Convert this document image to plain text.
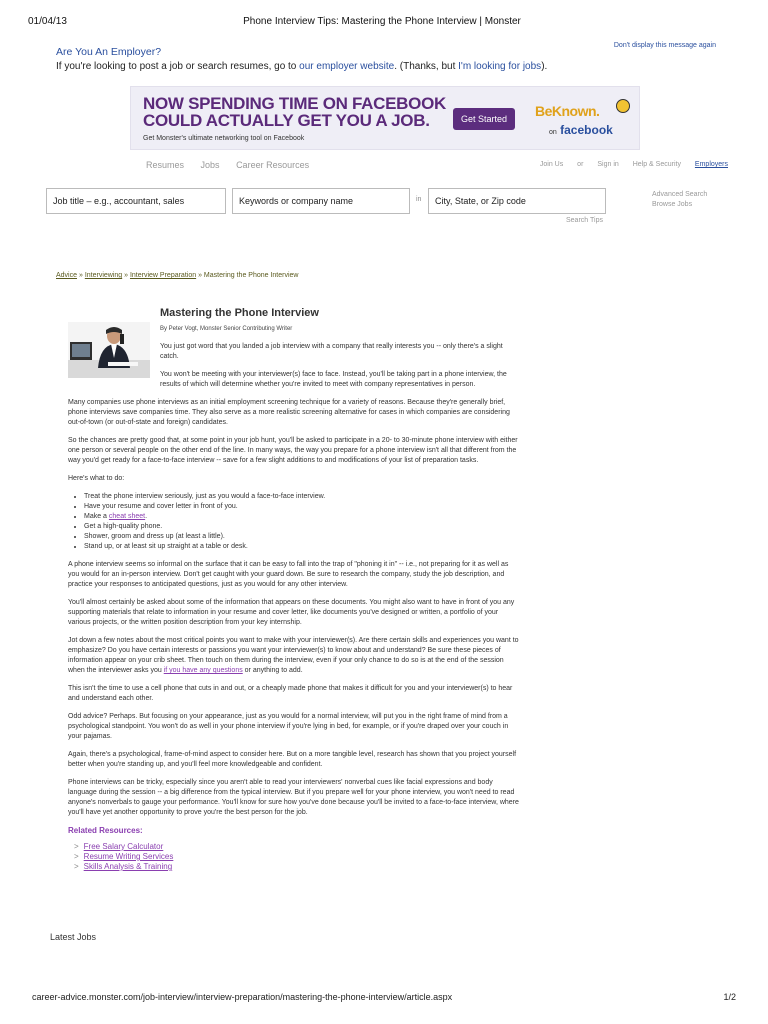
01/04/13	Phone Interview Tips: Mastering the Phone Interview | Monster
Are You An Employer?
If you're looking to post a job or search resumes, go to our employer website. (Thanks, but I'm looking for jobs).
Don't display this message again
NOW SPENDING TIME ON FACEBOOK
COULD ACTUALLY GET YOU A JOB.
Get Monster's ultimate networking tool on Facebook
Get Started	BeKnown.
on facebook
Resumes Jobs Career Resources	Join Us or Sign in Help & Security Employers
Job title – e.g., accountant, sales	Keywords or company name	in	City, State, or Zip code
Search Tips
Advanced Search
Browse Jobs
Advice » Interviewing » Interview Preparation » Mastering the Phone Interview
Mastering the Phone Interview
By Peter Vogt, Monster Senior Contributing Writer

You just got word that you landed a job interview with a company that really interests you -- only there's a slight catch.

You won't be meeting with your interviewer(s) face to face. Instead, you'll be taking part in a phone interview, the results of which will determine whether you're invited to meet with company representatives in person.

Many companies use phone interviews as an initial employment screening technique for a variety of reasons. Because they're generally brief, phone interviews save companies time. They also serve as a more realistic screening alternative for cases in which companies are considering out-of-town (or out-of-state and foreign) candidates.

So the chances are pretty good that, at some point in your job hunt, you'll be asked to participate in a 20- to 30-minute phone interview with either one person or several people on the other end of the line. In many ways, the way you prepare for a phone interview isn't all that different from the way you'd get ready for a face-to-face interview -- save for a few slight additions to and modifications of your list of preparation tasks.

Here's what to do:

• Treat the phone interview seriously, just as you would a face-to-face interview.
• Have your resume and cover letter in front of you.
• Make a cheat sheet.
• Get a high-quality phone.
• Shower, groom and dress up (at least a little).
• Stand up, or at least sit up straight at a table or desk.

A phone interview seems so informal on the surface that it can be easy to fall into the trap of "phoning it in" -- i.e., not preparing for it as well as you would for an in-person interview. Don't get caught with your guard down. Be sure to research the company, study the job description, and practice your responses to anticipated questions, just as you would for any other interview.

You'll almost certainly be asked about some of the information that appears on these documents. You might also want to have in front of you any supporting materials that relate to information in your resume and cover letter, like documents you've designed or written, a portfolio of your various projects, or the written position description from your key internship.

Jot down a few notes about the most critical points you want to make with your interviewer(s). Are there certain skills and experiences you want to emphasize? Do you have certain interests or passions you want your interviewer(s) to know about and understand? Be sure these pieces of information appear on your crib sheet. Then touch on them during the interview, even if your only chance to do so is at the end of the session when the interviewer asks you if you have any questions or anything to add.

This isn't the time to use a cell phone that cuts in and out, or a cheaply made phone that makes it difficult for you and your interviewer(s) to hear and understand each other.

Odd advice? Perhaps. But focusing on your appearance, just as you would for a normal interview, will put you in the right frame of mind from a psychological standpoint. You won't do as well in your phone interview if you're lying in bed, for example, or if you're draped over your couch in your pajamas.

Again, there's a psychological, frame-of-mind aspect to consider here. But on a more tangible level, research has shown that you project yourself better when you're standing up, and you'll feel more knowledgeable and confident.

Phone interviews can be tricky, especially since you aren't able to read your interviewers' nonverbal cues like facial expressions and body language during the session -- a big difference from the typical interview. But if you prepare well for your phone interview, you won't need to read anyone's nonverbals to gauge your performance. You'll know for sure how you've done because you'll be invited to a face-to-face interview, where you'll have yet another opportunity to prove you're the best person for the job.

Related Resources:
> Free Salary Calculator
> Resume Writing Services
> Skills Analysis & Training
Latest Jobs
career-advice.monster.com/job-interview/interview-preparation/mastering-the-phone-interview/article.aspx	1/2
